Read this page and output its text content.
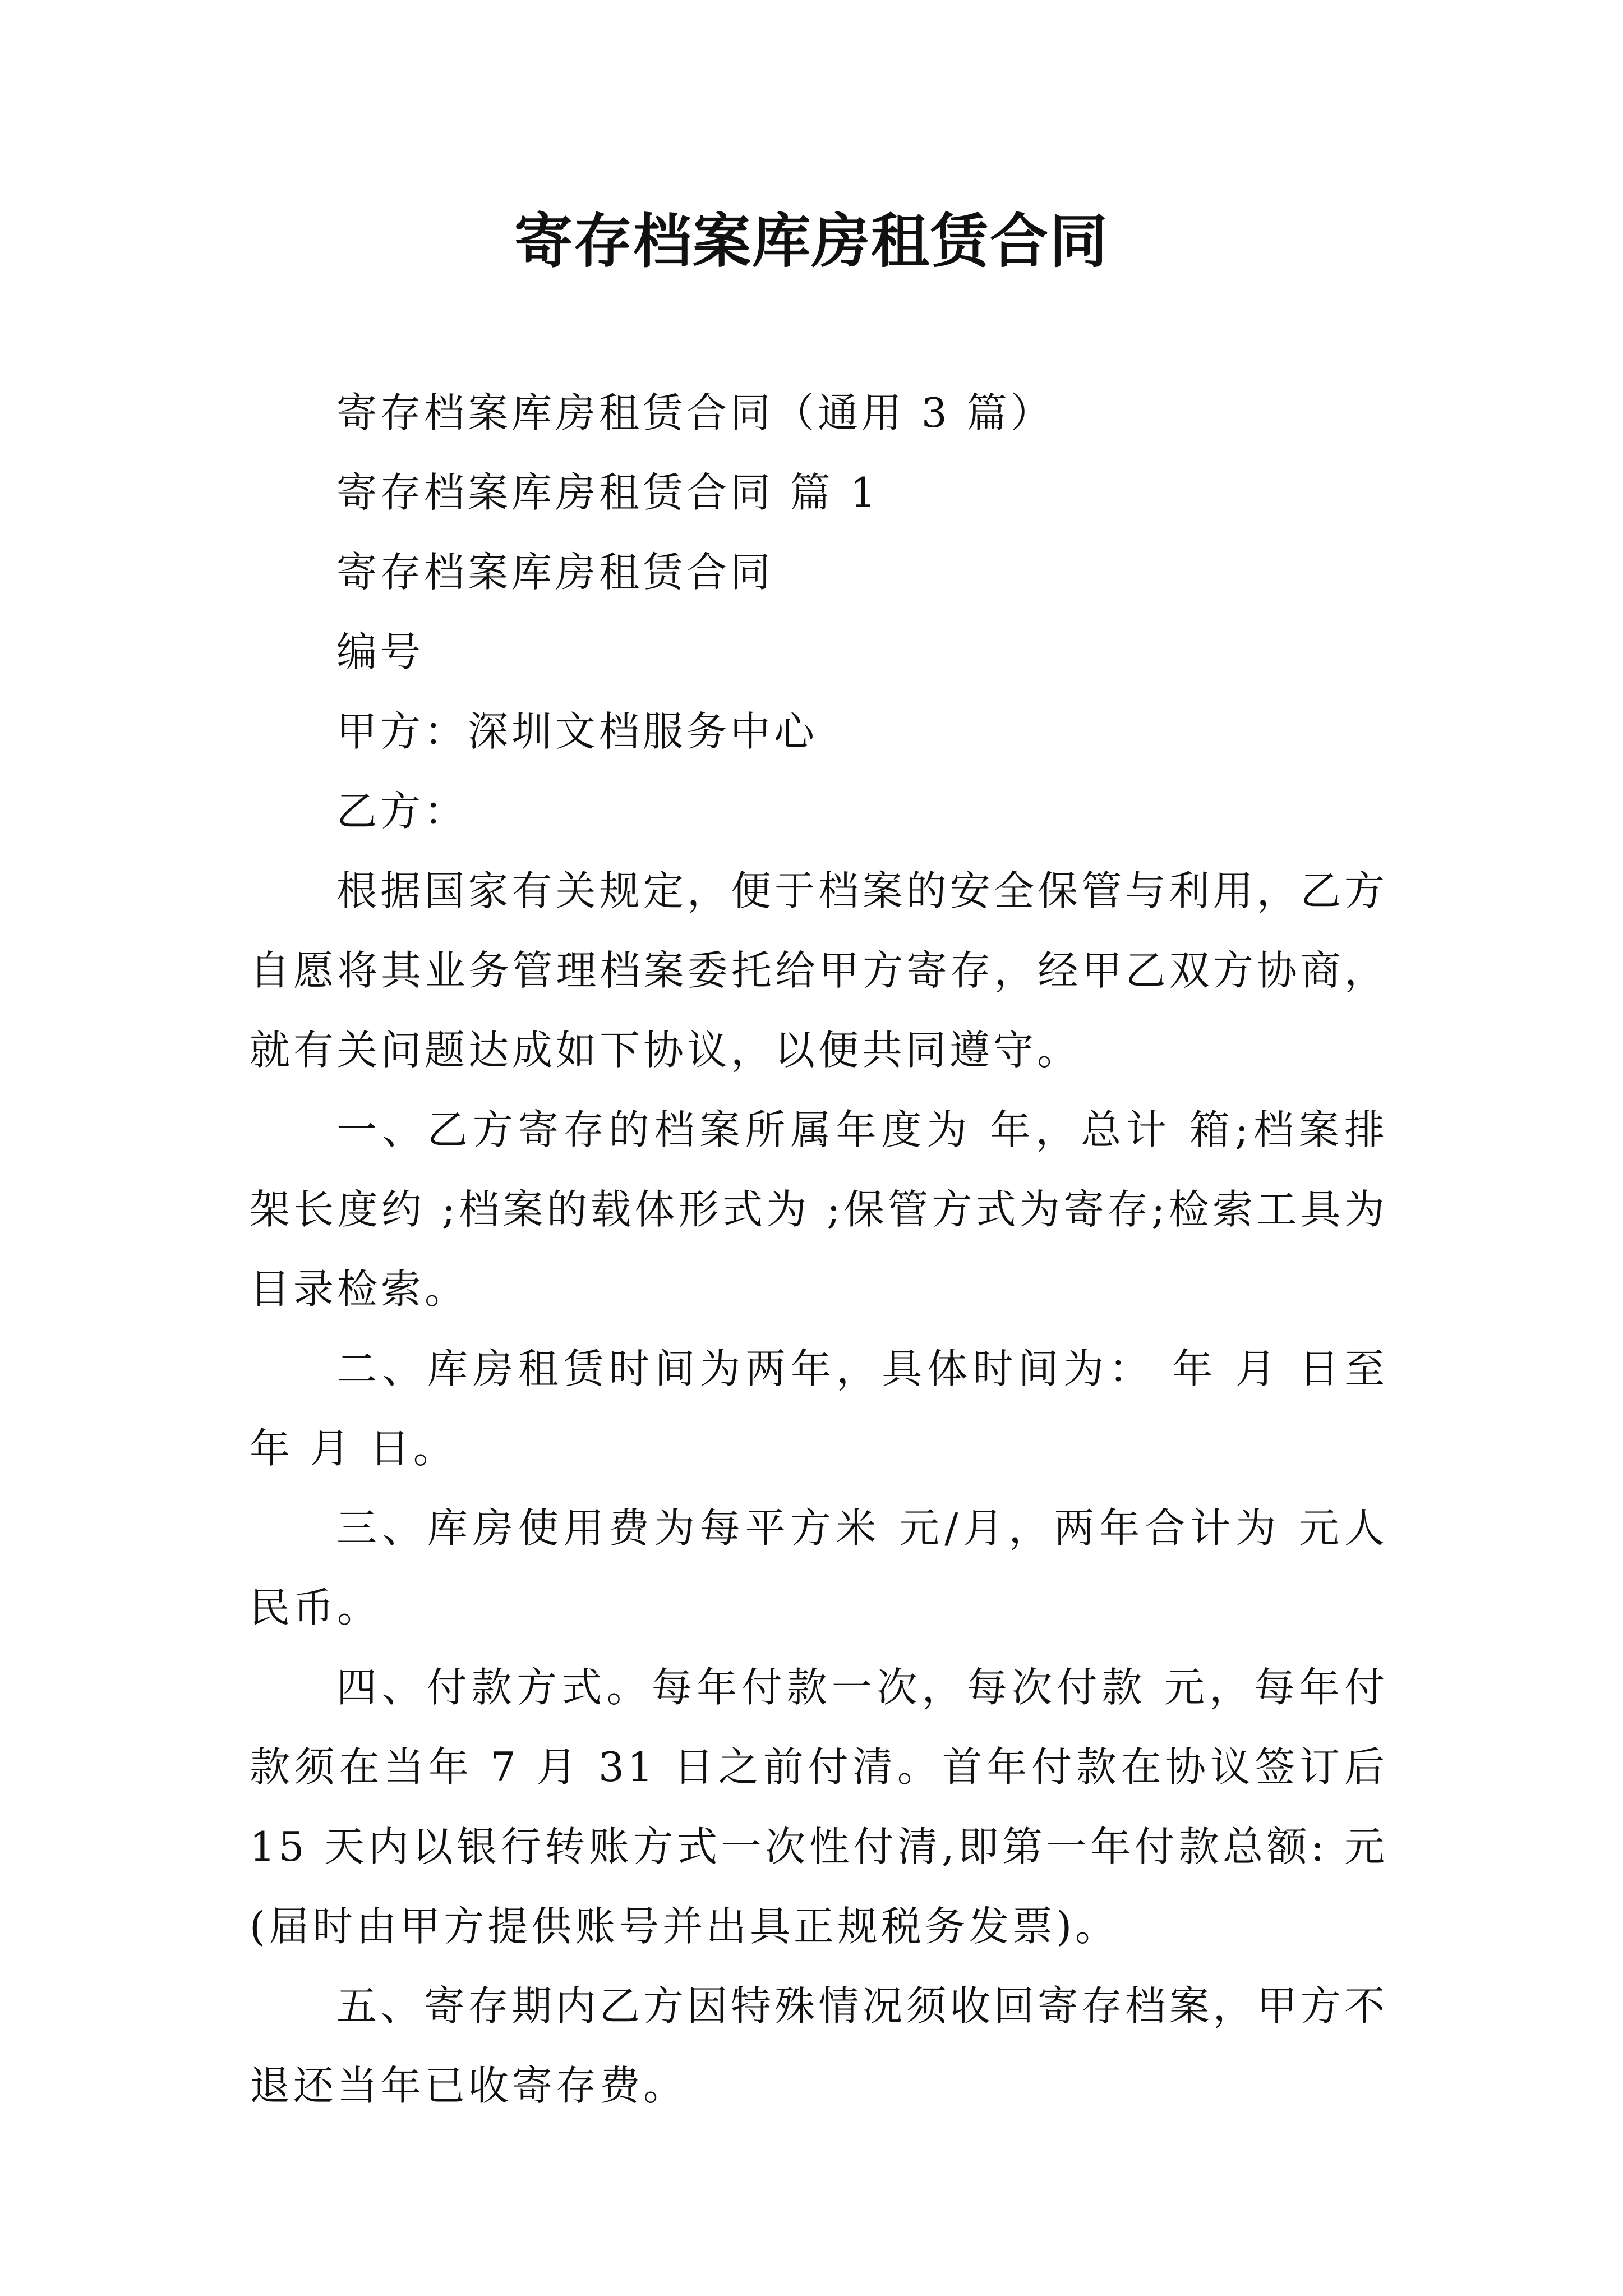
寄存档案库房租赁合同

寄存档案库房租赁合同（通用 3 篇）

寄存档案库房租赁合同 篇 1

寄存档案库房租赁合同

编号

甲方：深圳文档服务中心

乙方：

根据国家有关规定，便于档案的安全保管与利用，乙方自愿将其业务管理档案委托给甲方寄存，经甲乙双方协商，就有关问题达成如下协议，以便共同遵守。

一、乙方寄存的档案所属年度为 年，总计 箱;档案排架长度约 ;档案的载体形式为 ;保管方式为寄存;检索工具为目录检索。

二、库房租赁时间为两年，具体时间为： 年 月 日至 年 月 日。

三、库房使用费为每平方米 元/月，两年合计为 元人民币。

四、付款方式。每年付款一次，每次付款 元，每年付款须在当年 7 月 31 日之前付清。首年付款在协议签订后 15 天内以银行转账方式一次性付清,即第一年付款总额: 元(届时由甲方提供账号并出具正规税务发票)。

五、寄存期内乙方因特殊情况须收回寄存档案，甲方不退还当年已收寄存费。
